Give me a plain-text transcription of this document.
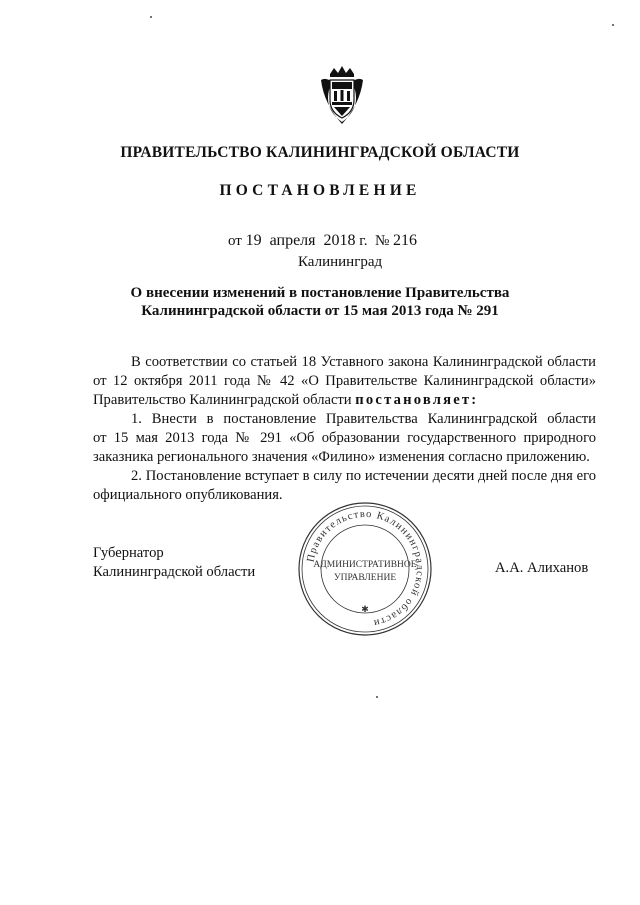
ПРАВИТЕЛЬСТВО КАЛИНИНГРАДСКОЙ ОБЛАСТИ
ПОСТАНОВЛЕНИЕ
от 19  апреля  2018 г. № 216
Калининград
О внесении изменений в постановление Правительства
Калининградской области от 15 мая 2013 года № 291
В соответствии со статьей 18 Уставного закона Калининградской области
от 12 октября 2011 года № 42 «О Правительстве Калининградской области»
Правительство Калининградской области постановляет:
1. Внести в постановление Правительства Калининградской области
от 15 мая 2013 года № 291 «Об образовании государственного природного
заказника регионального значения «Филино» изменения согласно приложению.
2. Постановление вступает в силу по истечении десяти дней после дня его
официального опубликования.
Правительство Калининградской области
АДМИНИСТРАТИВНОЕ
УПРАВЛЕНИЕ
✱
Губернатор
Калининградской области	А.А. Алиханов
